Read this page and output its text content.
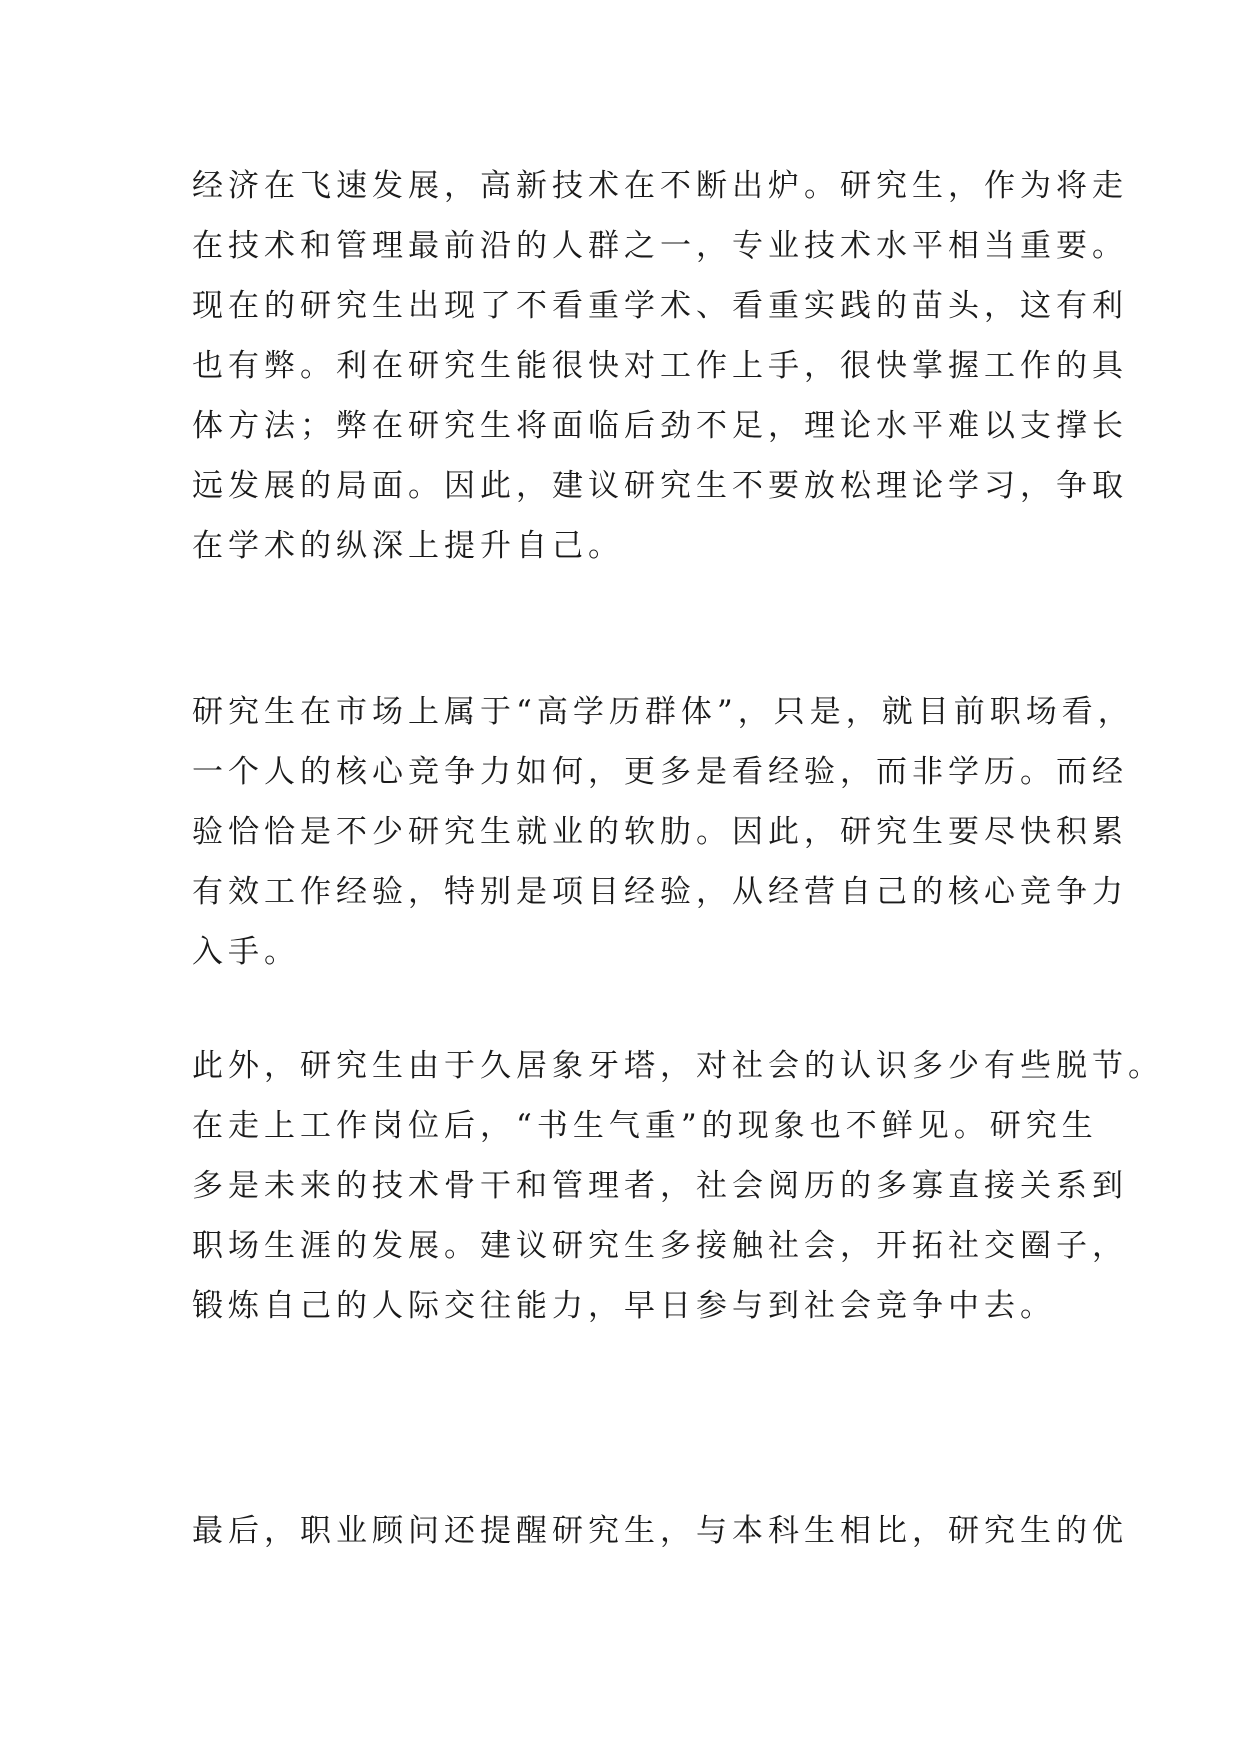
经济在飞速发展，高新技术在不断出炉。研究生，作为将走
在技术和管理最前沿的人群之一，专业技术水平相当重要。
现在的研究生出现了不看重学术、看重实践的苗头，这有利
也有弊。利在研究生能很快对工作上手，很快掌握工作的具
体方法；弊在研究生将面临后劲不足，理论水平难以支撑长
远发展的局面。因此，建议研究生不要放松理论学习，争取
在学术的纵深上提升自己。
研究生在市场上属于“高学历群体”，只是，就目前职场看，
一个人的核心竞争力如何，更多是看经验，而非学历。而经
验恰恰是不少研究生就业的软肋。因此，研究生要尽快积累
有效工作经验，特别是项目经验，从经营自己的核心竞争力
入手。
此外，研究生由于久居象牙塔，对社会的认识多少有些脱节。
在走上工作岗位后，“书生气重”的现象也不鲜见。研究生
多是未来的技术骨干和管理者，社会阅历的多寡直接关系到
职场生涯的发展。建议研究生多接触社会，开拓社交圈子，
锻炼自己的人际交往能力，早日参与到社会竞争中去。
最后，职业顾问还提醒研究生，与本科生相比，研究生的优
